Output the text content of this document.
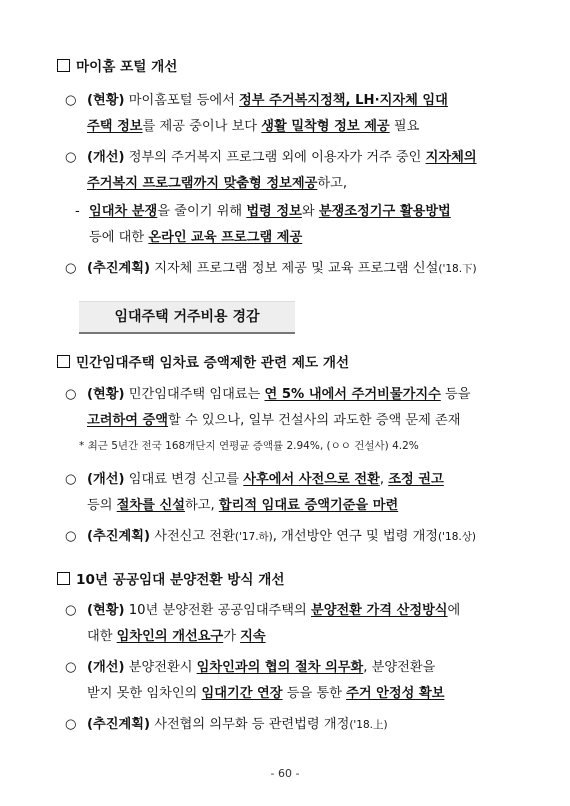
마이홈 포털 개선
○ (현황) 마이홈포털 등에서 정부 주거복지정책, LH·지자체 임대
주택 정보를 제공 중이나 보다 생활 밀착형 정보 제공 필요
○ (개선) 정부의 주거복지 프로그램 외에 이용자가 거주 중인 지자체의
주거복지 프로그램까지 맞춤형 정보제공하고,
- 임대차 분쟁을 줄이기 위해 법령 정보와 분쟁조정기구 활용방법
등에 대한 온라인 교육 프로그램 제공
○ (추진계획) 지자체 프로그램 정보 제공 및 교육 프로그램 신설('18.下)
임대주택 거주비용 경감
민간임대주택 임차료 증액제한 관련 제도 개선
○ (현황) 민간임대주택 임대료는 연 5% 내에서 주거비물가지수 등을
고려하여 증액할 수 있으나, 일부 건설사의 과도한 증액 문제 존재
* 최근 5년간 전국 168개단지 연평균 증액률 2.94%, (ㅇㅇ 건설사) 4.2%
○ (개선) 임대료 변경 신고를 사후에서 사전으로 전환, 조정 권고
등의 절차를 신설하고, 합리적 임대료 증액기준을 마련
○ (추진계획) 사전신고 전환('17.하), 개선방안 연구 및 법령 개정('18.상)
10년 공공임대 분양전환 방식 개선
○ (현황) 10년 분양전환 공공임대주택의 분양전환 가격 산정방식에
대한 임차인의 개선요구가 지속
○ (개선) 분양전환시 임차인과의 협의 절차 의무화, 분양전환을
받지 못한 임차인의 임대기간 연장 등을 통한 주거 안정성 확보
○ (추진계획) 사전협의 의무화 등 관련법령 개정('18.上)
- 60 -
